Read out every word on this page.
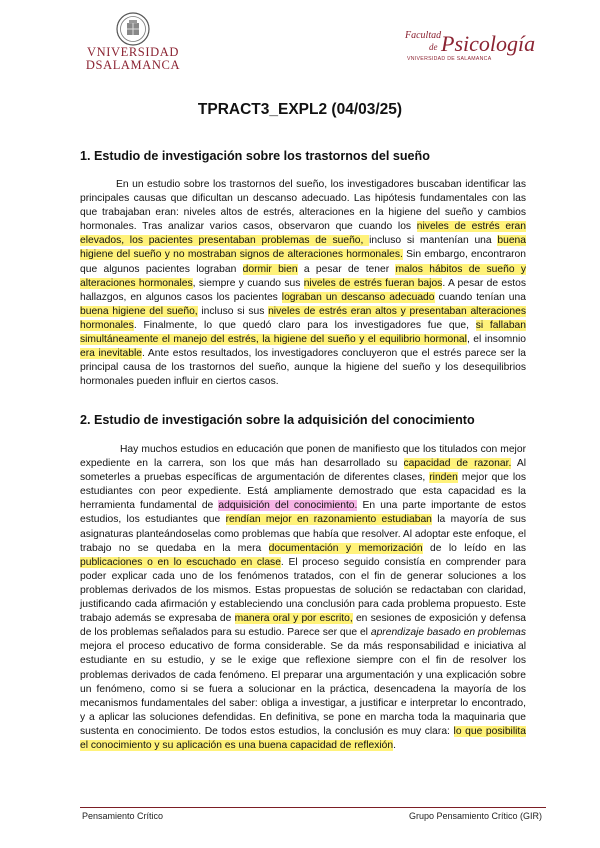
VNIVERSIDAD
DSALAMANCA
Facultad
de Psicología
VNIVERSIDAD DE SALAMANCA
TPRACT3_EXPL2 (04/03/25)
1. Estudio de investigación sobre los trastornos del sueño
En un estudio sobre los trastornos del sueño, los investigadores buscaban identificar las principales causas que dificultan un descanso adecuado. Las hipótesis fundamentales con las que trabajaban eran: niveles altos de estrés, alteraciones en la higiene del sueño y cambios hormonales. Tras analizar varios casos, observaron que cuando los niveles de estrés eran elevados, los pacientes presentaban problemas de sueño, incluso si mantenían una buena higiene del sueño y no mostraban signos de alteraciones hormonales. Sin embargo, encontraron que algunos pacientes lograban dormir bien a pesar de tener malos hábitos de sueño y alteraciones hormonales, siempre y cuando sus niveles de estrés fueran bajos. A pesar de estos hallazgos, en algunos casos los pacientes lograban un descanso adecuado cuando tenían una buena higiene del sueño, incluso si sus niveles de estrés eran altos y presentaban alteraciones hormonales. Finalmente, lo que quedó claro para los investigadores fue que, si fallaban simultáneamente el manejo del estrés, la higiene del sueño y el equilibrio hormonal, el insomnio era inevitable. Ante estos resultados, los investigadores concluyeron que el estrés parece ser la principal causa de los trastornos del sueño, aunque la higiene del sueño y los desequilibrios hormonales pueden influir en ciertos casos.
2. Estudio de investigación sobre la adquisición del conocimiento
Hay muchos estudios en educación que ponen de manifiesto que los titulados con mejor expediente en la carrera, son los que más han desarrollado su capacidad de razonar. Al someterles a pruebas específicas de argumentación de diferentes clases, rinden mejor que los estudiantes con peor expediente. Está ampliamente demostrado que esta capacidad es la herramienta fundamental de adquisición del conocimiento. En una parte importante de estos estudios, los estudiantes que rendían mejor en razonamiento estudiaban la mayoría de sus asignaturas planteándoselas como problemas que había que resolver. Al adoptar este enfoque, el trabajo no se quedaba en la mera documentación y memorización de lo leído en las publicaciones o en lo escuchado en clase. El proceso seguido consistía en comprender para poder explicar cada uno de los fenómenos tratados, con el fin de generar soluciones a los problemas derivados de los mismos. Estas propuestas de solución se redactaban con claridad, justificando cada afirmación y estableciendo una conclusión para cada problema propuesto. Este trabajo además se expresaba de manera oral y por escrito, en sesiones de exposición y defensa de los problemas señalados para su estudio. Parece ser que el aprendizaje basado en problemas mejora el proceso educativo de forma considerable. Se da más responsabilidad e iniciativa al estudiante en su estudio, y se le exige que reflexione siempre con el fin de resolver los problemas derivados de cada fenómeno. El preparar una argumentación y una explicación sobre un fenómeno, como si se fuera a solucionar en la práctica, desencadena la mayoría de los mecanismos fundamentales del saber: obliga a investigar, a justificar e interpretar lo encontrado, y a aplicar las soluciones defendidas. En definitiva, se pone en marcha toda la maquinaria que sustenta en conocimiento. De todos estos estudios, la conclusión es muy clara: lo que posibilita el conocimiento y su aplicación es una buena capacidad de reflexión.
Pensamiento Crítico	Grupo Pensamiento Crítico (GIR)
